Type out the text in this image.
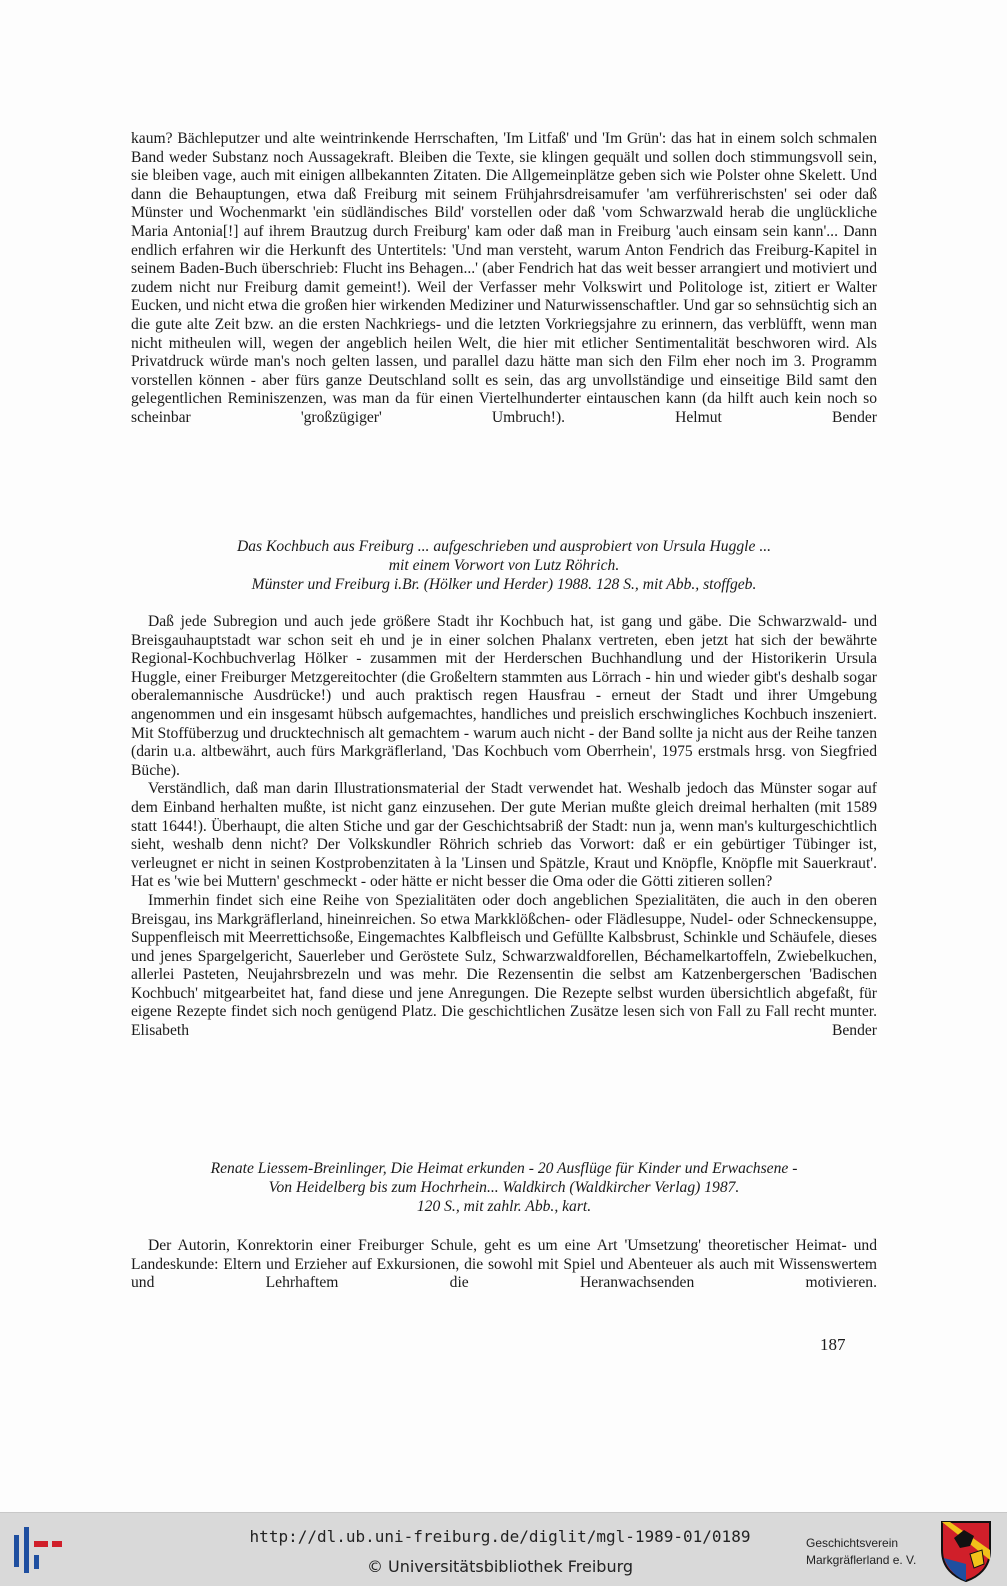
kaum? Bächleputzer und alte weintrinkende Herrschaften, 'Im Litfaß' und 'Im Grün': das hat in einem solch schmalen Band weder Substanz noch Aussagekraft. Bleiben die Texte, sie klingen gequält und sollen doch stimmungsvoll sein, sie bleiben vage, auch mit einigen allbekannten Zitaten. Die Allgemeinplätze geben sich wie Polster ohne Skelett. Und dann die Behauptungen, etwa daß Freiburg mit seinem Frühjahrsdreisamufer 'am verführerischsten' sei oder daß Münster und Wochenmarkt 'ein südländisches Bild' vorstellen oder daß 'vom Schwarzwald herab die unglückliche Maria Antonia[!] auf ihrem Brautzug durch Freiburg' kam oder daß man in Freiburg 'auch einsam sein kann'... Dann endlich erfahren wir die Herkunft des Untertitels: 'Und man versteht, warum Anton Fendrich das Freiburg-Kapitel in seinem Baden-Buch überschrieb: Flucht ins Behagen...' (aber Fendrich hat das weit besser arrangiert und motiviert und zudem nicht nur Freiburg damit gemeint!). Weil der Verfasser mehr Volkswirt und Politologe ist, zitiert er Walter Eucken, und nicht etwa die großen hier wirkenden Mediziner und Naturwissenschaftler. Und gar so sehnsüchtig sich an die gute alte Zeit bzw. an die ersten Nachkriegs- und die letzten Vorkriegsjahre zu erinnern, das verblüfft, wenn man nicht mitheulen will, wegen der angeblich heilen Welt, die hier mit etlicher Sentimentalität beschworen wird. Als Privatdruck würde man's noch gelten lassen, und parallel dazu hätte man sich den Film eher noch im 3. Programm vorstellen können - aber fürs ganze Deutschland sollt es sein, das arg unvollständige und einseitige Bild samt den gelegentlichen Reminiszenzen, was man da für einen Viertelhunderter eintauschen kann (da hilft auch kein noch so scheinbar 'großzügiger' Umbruch!). Helmut Bender

Das Kochbuch aus Freiburg ... aufgeschrieben und ausprobiert von Ursula Huggle ...
mit einem Vorwort von Lutz Röhrich.
Münster und Freiburg i.Br. (Hölker und Herder) 1988. 128 S., mit Abb., stoffgeb.

Daß jede Subregion und auch jede größere Stadt ihr Kochbuch hat, ist gang und gäbe. Die Schwarzwald- und Breisgauhauptstadt war schon seit eh und je in einer solchen Phalanx vertreten, eben jetzt hat sich der bewährte Regional-Kochbuchverlag Hölker - zusammen mit der Herderschen Buchhandlung und der Historikerin Ursula Huggle, einer Freiburger Metzgereitochter (die Großeltern stammten aus Lörrach - hin und wieder gibt's deshalb sogar oberalemannische Ausdrücke!) und auch praktisch regen Hausfrau - erneut der Stadt und ihrer Umgebung angenommen und ein insgesamt hübsch aufgemachtes, handliches und preislich erschwingliches Kochbuch inszeniert. Mit Stoffüberzug und drucktechnisch alt gemachtem - warum auch nicht - der Band sollte ja nicht aus der Reihe tanzen (darin u.a. altbewährt, auch fürs Markgräflerland, 'Das Kochbuch vom Oberrhein', 1975 erstmals hrsg. von Siegfried Büche).

Verständlich, daß man darin Illustrationsmaterial der Stadt verwendet hat. Weshalb jedoch das Münster sogar auf dem Einband herhalten mußte, ist nicht ganz einzusehen. Der gute Merian mußte gleich dreimal herhalten (mit 1589 statt 1644!). Überhaupt, die alten Stiche und gar der Geschichtsabriß der Stadt: nun ja, wenn man's kulturgeschichtlich sieht, weshalb denn nicht? Der Volkskundler Röhrich schrieb das Vorwort: daß er ein gebürtiger Tübinger ist, verleugnet er nicht in seinen Kostprobenzitaten à la 'Linsen und Spätzle, Kraut und Knöpfle, Knöpfle mit Sauerkraut'. Hat es 'wie bei Muttern' geschmeckt - oder hätte er nicht besser die Oma oder die Götti zitieren sollen?

Immerhin findet sich eine Reihe von Spezialitäten oder doch angeblichen Spezialitäten, die auch in den oberen Breisgau, ins Markgräflerland, hineinreichen. So etwa Markklößchen- oder Flädlesuppe, Nudel- oder Schneckensuppe, Suppenfleisch mit Meerrettichsoße, Eingemachtes Kalbfleisch und Gefüllte Kalbsbrust, Schinkle und Schäufele, dieses und jenes Spargelgericht, Sauerleber und Geröstete Sulz, Schwarzwaldforellen, Béchamelkartoffeln, Zwiebelkuchen, allerlei Pasteten, Neujahrsbrezeln und was mehr. Die Rezensentin die selbst am Katzenbergerschen 'Badischen Kochbuch' mitgearbeitet hat, fand diese und jene Anregungen. Die Rezepte selbst wurden übersichtlich abgefaßt, für eigene Rezepte findet sich noch genügend Platz. Die geschichtlichen Zusätze lesen sich von Fall zu Fall recht munter. Elisabeth Bender

Renate Liessem-Breinlinger, Die Heimat erkunden - 20 Ausflüge für Kinder und Erwachsene -
Von Heidelberg bis zum Hochrhein... Waldkirch (Waldkircher Verlag) 1987.
120 S., mit zahlr. Abb., kart.

Der Autorin, Konrektorin einer Freiburger Schule, geht es um eine Art 'Umsetzung' theoretischer Heimat- und Landeskunde: Eltern und Erzieher auf Exkursionen, die sowohl mit Spiel und Abenteuer als auch mit Wissenswertem und Lehrhaftem die Heranwachsenden motivieren.

187
http://dl.ub.uni-freiburg.de/diglit/mgl-1989-01/0189
© Universitätsbibliothek Freiburg
Geschichtsverein
Markgräflerland e. V.
